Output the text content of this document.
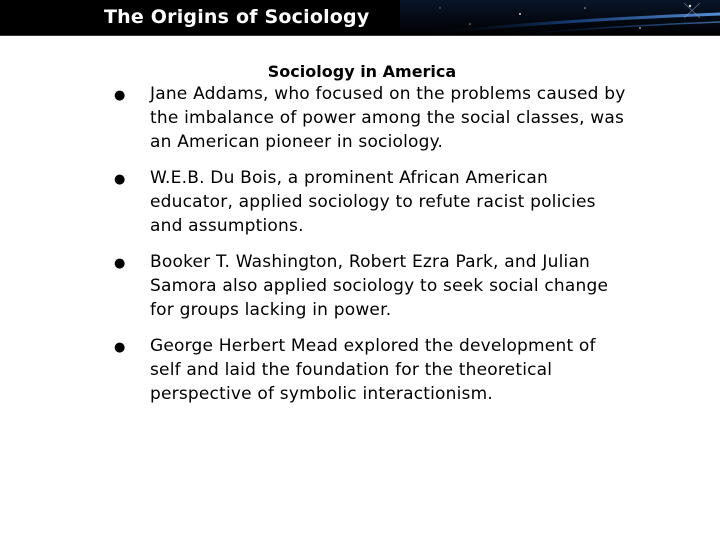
The Origins of Sociology
Sociology in America
● Jane Addams, who focused on the problems caused by the imbalance of power among the social classes, was an American pioneer in sociology.
● W.E.B. Du Bois, a prominent African American educator, applied sociology to refute racist policies and assumptions.
● Booker T. Washington, Robert Ezra Park, and Julian Samora also applied sociology to seek social change for groups lacking in power.
● George Herbert Mead explored the development of self and laid the foundation for the theoretical perspective of symbolic interactionism.
